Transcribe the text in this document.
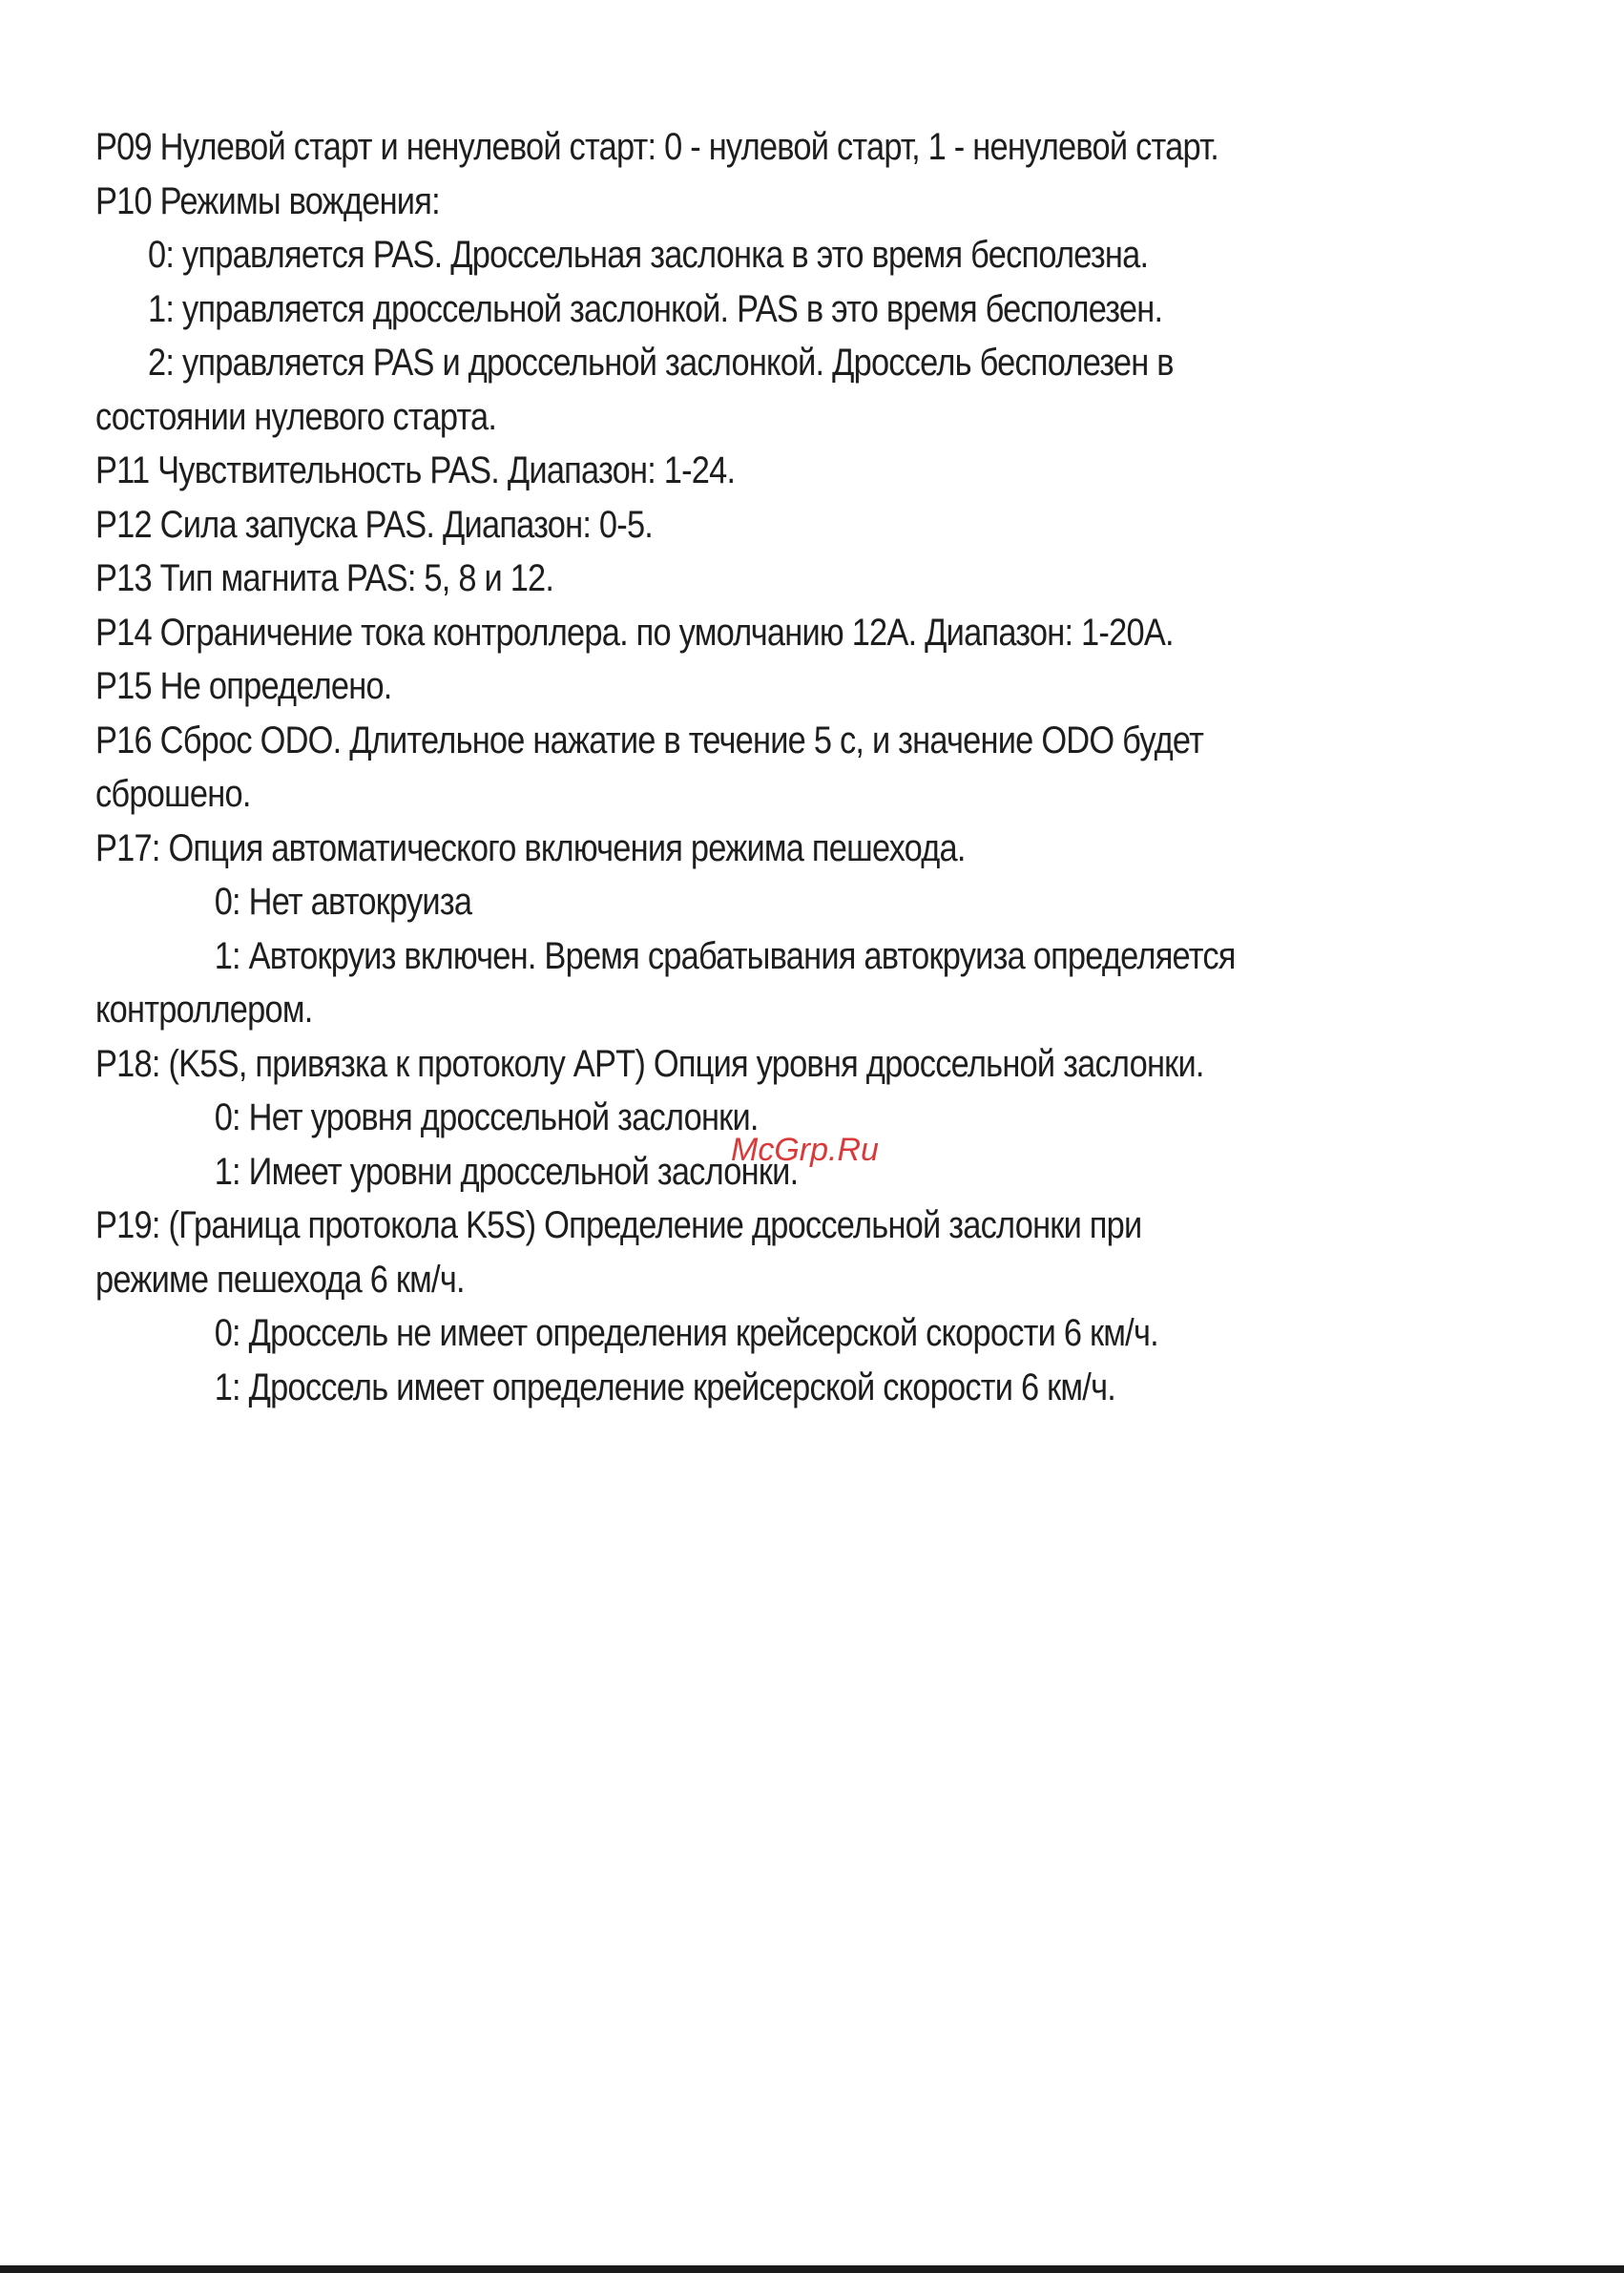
P09 Нулевой старт и ненулевой старт: 0 - нулевой старт, 1 - ненулевой старт.
P10 Режимы вождения:
0: управляется PAS. Дроссельная заслонка в это время бесполезна.
1: управляется дроссельной заслонкой. PAS в это время бесполезен.
2: управляется PAS и дроссельной заслонкой. Дроссель бесполезен в
состоянии нулевого старта.
P11 Чувствительность PAS. Диапазон: 1-24.
P12 Сила запуска PAS. Диапазон: 0-5.
P13 Тип магнита PAS: 5, 8 и 12.
P14 Ограничение тока контроллера. по умолчанию 12A. Диапазон: 1-20A.
P15 Не определено.
P16 Сброс ODO. Длительное нажатие в течение 5 с, и значение ODO будет
сброшено.
P17: Опция автоматического включения режима пешехода.
0: Нет автокруиза
1: Автокруиз включен. Время срабатывания автокруиза определяется
контроллером.
P18: (K5S, привязка к протоколу APT) Опция уровня дроссельной заслонки.
0: Нет уровня дроссельной заслонки.
1: Имеет уровни дроссельной заслонки.
P19: (Граница протокола K5S) Определение дроссельной заслонки при
режиме пешехода 6 км/ч.
0: Дроссель не имеет определения крейсерской скорости 6 км/ч.
1: Дроссель имеет определение крейсерской скорости 6 км/ч.
McGrp.Ru
